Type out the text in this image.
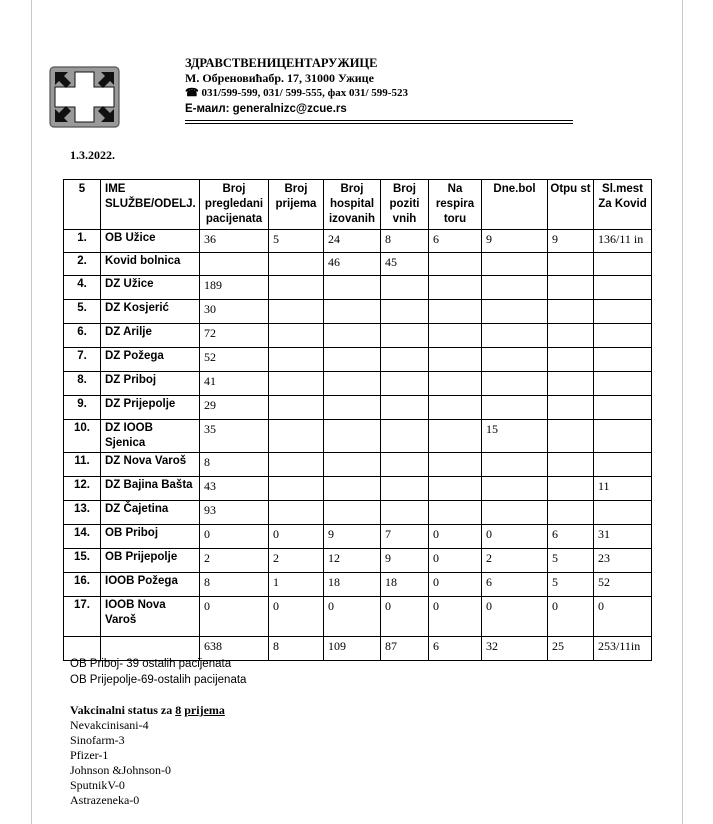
ЗДРАВСТВЕНИЦЕНТАРУЖИЦЕ
М. Обреновићабр. 17, 31000 Ужице
☎ 031/599-599, 031/ 599-555, фах 031/ 599-523
E-маил: generalnizc@zcue.rs
1.3.2022.
5	IME SLUŽBE/ODELJ.	Broj pregledani pacijenata	Broj prijema	Broj hospital izovanih	Broj poziti vnih	Na respira toru	Dne.bol	Otpu st	Sl.mest Za Kovid
1.	OB Užice	36	5	24	8	6	9	9	136/11 in
2.	Kovid bolnica			46	45				
4.	DZ Užice	189							
5.	DZ Kosjerić	30							
6.	DZ Arilje	72							
7.	DZ Požega	52							
8.	DZ Priboj	41							
9.	DZ Prijepolje	29							
10.	DZ IOOB Sjenica	35					15		
11.	DZ Nova Varoš	8							
12.	DZ Bajina Bašta	43							11
13.	DZ Čajetina	93							
14.	OB Priboj	0	0	9	7	0	0	6	31
15.	OB Prijepolje	2	2	12	9	0	2	5	23
16.	IOOB Požega	8	1	18	18	0	6	5	52
17.	IOOB Nova Varoš	0	0	0	0	0	0	0	0
		638	8	109	87	6	32	25	253/11in
OB Priboj- 39 ostalih pacijenata
OB Prijepolje-69-ostalih pacijenata
Vakcinalni status za 8 prijema
Nevakcinisani-4
Sinofarm-3
Pfizer-1
Johnson &Johnson-0
SputnikV-0
Astrazeneka-0
